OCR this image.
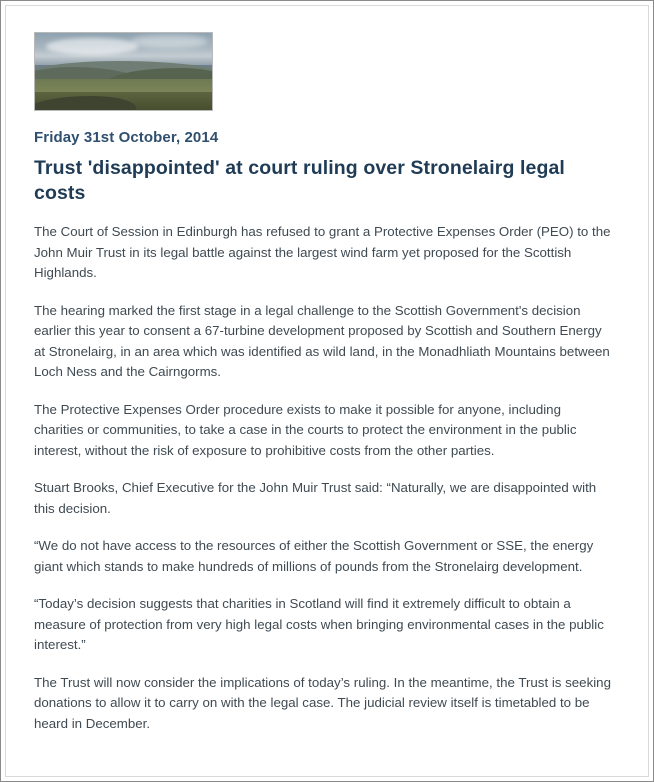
Friday 31st October, 2014
Trust 'disappointed' at court ruling over Stronelairg legal costs

The Court of Session in Edinburgh has refused to grant a Protective Expenses Order (PEO) to the John Muir Trust in its legal battle against the largest wind farm yet proposed for the Scottish Highlands.

The hearing marked the first stage in a legal challenge to the Scottish Government's decision earlier this year to consent a 67-turbine development proposed by Scottish and Southern Energy at Stronelairg, in an area which was identified as wild land, in the Monadhliath Mountains between Loch Ness and the Cairngorms.

The Protective Expenses Order procedure exists to make it possible for anyone, including charities or communities, to take a case in the courts to protect the environment in the public interest, without the risk of exposure to prohibitive costs from the other parties.

Stuart Brooks, Chief Executive for the John Muir Trust said: “Naturally, we are disappointed with this decision.

“We do not have access to the resources of either the Scottish Government or SSE, the energy giant which stands to make hundreds of millions of pounds from the Stronelairg development.

“Today’s decision suggests that charities in Scotland will find it extremely difficult to obtain a measure of protection from very high legal costs when bringing environmental cases in the public interest.”

The Trust will now consider the implications of today’s ruling. In the meantime, the Trust is seeking donations to allow it to carry on with the legal case. The judicial review itself is timetabled to be heard in December.
